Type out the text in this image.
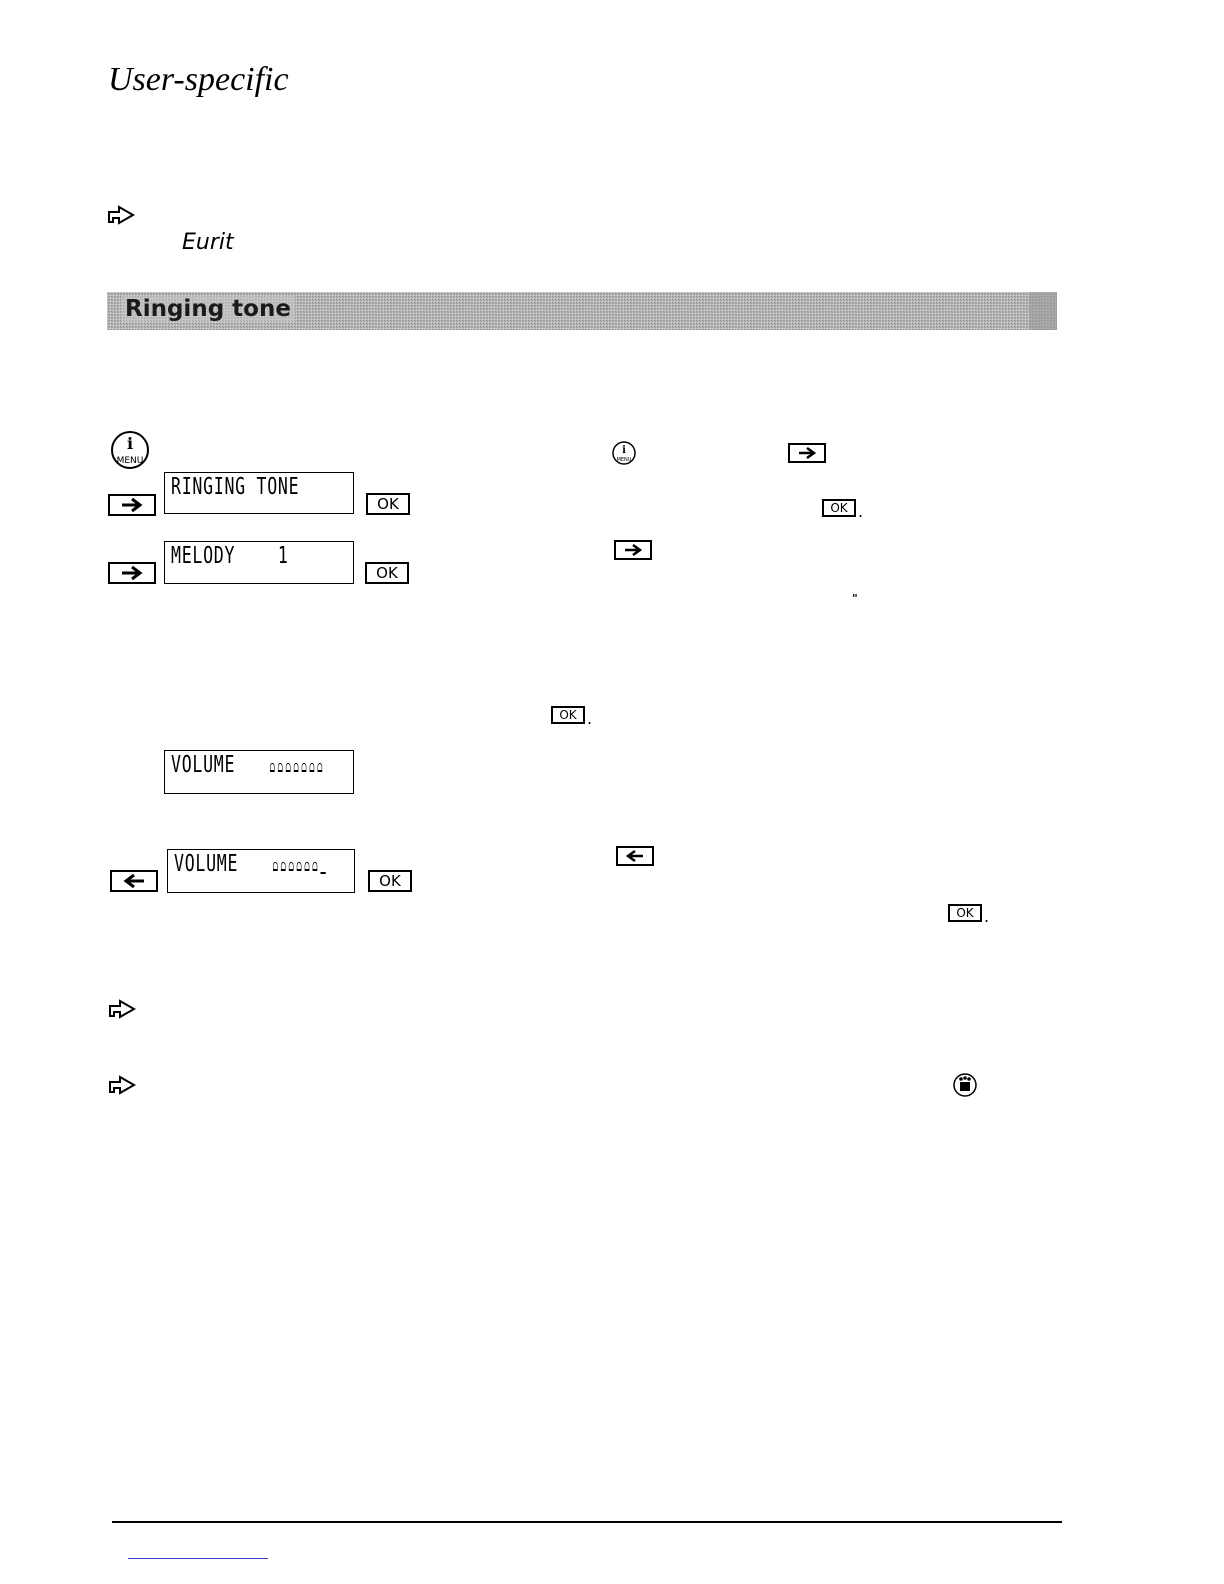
User-specific
Eurit
Ringing tone
i
MENU
RINGING TONE
OK
MELODY    1
OK
VOLUME
VOLUME
OK
i
MENU
OK .
"
OK .
OK .
